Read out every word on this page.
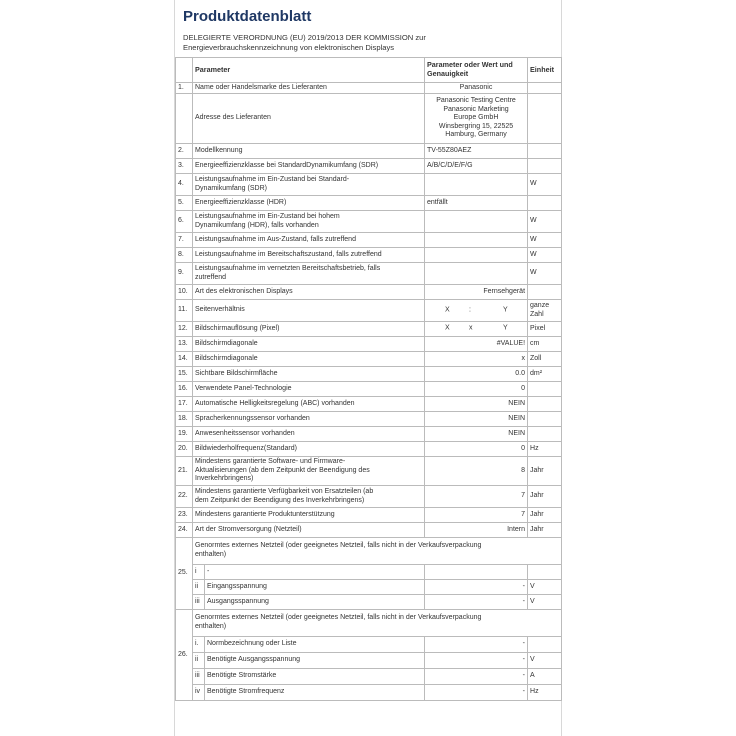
Produktdatenblatt
DELEGIERTE VERORDNUNG (EU) 2019/2013 DER KOMMISSION zur
Energieverbrauchskennzeichnung von elektronischen Displays
	Parameter		Parameter oder Wert und Genauigkeit	Einheit
1.	Name oder Handelsmarke des Lieferanten		Panasonic	
	Adresse des Lieferanten		Panasonic Testing Centre
Panasonic Marketing
Europe GmbH
Winsbergring 15, 22525
Hamburg, Germany	
2.	Modellkennung		TV-55Z80AEZ	
3.	Energieeffizienzklasse bei StandardDynamikumfang (SDR)		A/B/C/D/E/F/G	
4.	Leistungsaufnahme im Ein-Zustand bei Standard-
Dynamikumfang (SDR)			W
5.	Energieeffizienzklasse (HDR)		entfällt	
6.	Leistungsaufnahme im Ein-Zustand bei hohem
Dynamikumfang (HDR), falls vorhanden			W
7.	Leistungsaufnahme im Aus-Zustand, falls zutreffend			W
8.	Leistungsaufnahme im Bereitschaftszustand, falls zutreffend			W
9.	Leistungsaufnahme im vernetzten Bereitschaftsbetrieb, falls
zutreffend			W
10.	Art des elektronischen Displays		Fernsehgerät	
11.	Seitenverhältnis		X : Y	ganze
Zahl
12.	Bildschirmauflösung (Pixel)		X x Y	Pixel
13.	Bildschirmdiagonale		#VALUE!	cm
14.	Bildschirmdiagonale		x	Zoll
15.	Sichtbare Bildschirmfläche		0.0	dm²
16.	Verwendete Panel-Technologie		0	
17.	Automatische Helligkeitsregelung (ABC) vorhanden		NEIN	
18.	Spracherkennungssensor vorhanden		NEIN	
19.	Anwesenheitssensor vorhanden		NEIN	
20.	Bildwiederholfrequenz(Standard)		0	Hz
21.	Mindestens garantierte Software- und Firmware-
Aktualisierungen (ab dem Zeitpunkt der Beendigung des
Inverkehrbringens)		8	Jahr
22.	Mindestens garantierte Verfügbarkeit von Ersatzteilen (ab
dem Zeitpunkt der Beendigung des Inverkehrbringens)		7	Jahr
23.	Mindestens garantierte Produktunterstützung		7	Jahr
24.	Art der Stromversorgung (Netzteil)		Intern	Jahr
25.	Genormtes externes Netzteil (oder geeignetes Netzteil, falls nicht in der Verkaufsverpackung
enthalten)			
	i	-		
	ii	Eingangsspannung	-	V
	iii	Ausgangsspannung	-	V
26.	Genormtes externes Netzteil (oder geeignetes Netzteil, falls nicht in der Verkaufsverpackung
enthalten)			
	i.	Normbezeichnung oder Liste	-	
	ii	Benötigte Ausgangsspannung	-	V
	iii	Benötigte Stromstärke	-	A
	iv	Benötigte Stromfrequenz	-	Hz
